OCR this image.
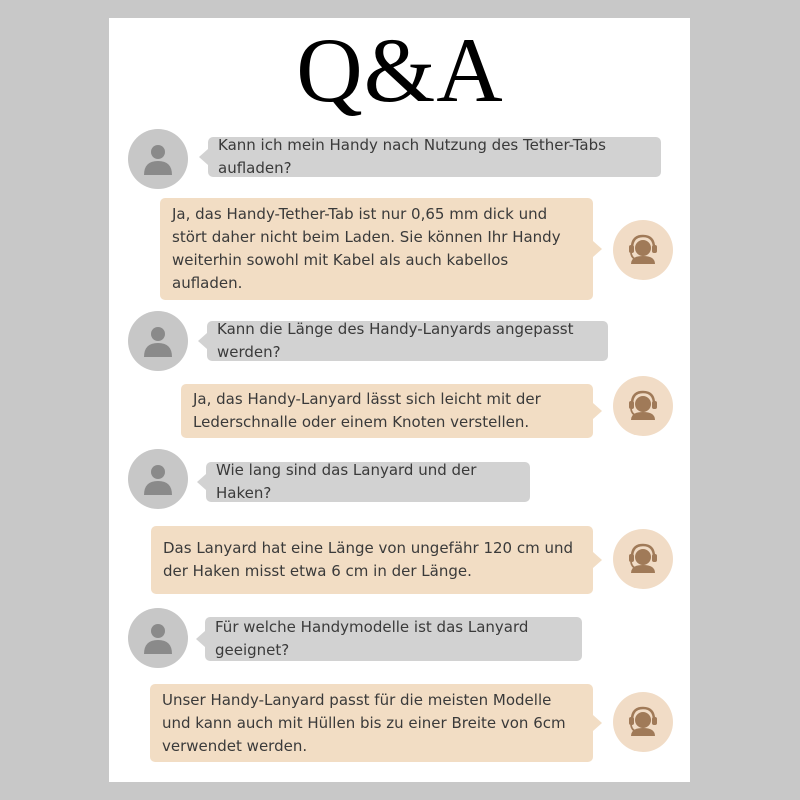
Q&A
Kann ich mein Handy nach Nutzung des Tether-Tabs aufladen?
Ja, das Handy-Tether-Tab ist nur 0,65 mm dick und stört daher nicht beim Laden. Sie können Ihr Handy weiterhin sowohl mit Kabel als auch kabellos aufladen.
Kann die Länge des Handy-Lanyards angepasst werden?
Ja, das Handy-Lanyard lässt sich leicht mit der Lederschnalle oder einem Knoten verstellen.
Wie lang sind das Lanyard und der Haken?
Das Lanyard hat eine Länge von ungefähr 120 cm und der Haken misst etwa 6 cm in der Länge.
Für welche Handymodelle ist das Lanyard geeignet?
Unser Handy-Lanyard passt für die meisten Modelle und kann auch mit Hüllen bis zu einer Breite von 6cm verwendet werden.
